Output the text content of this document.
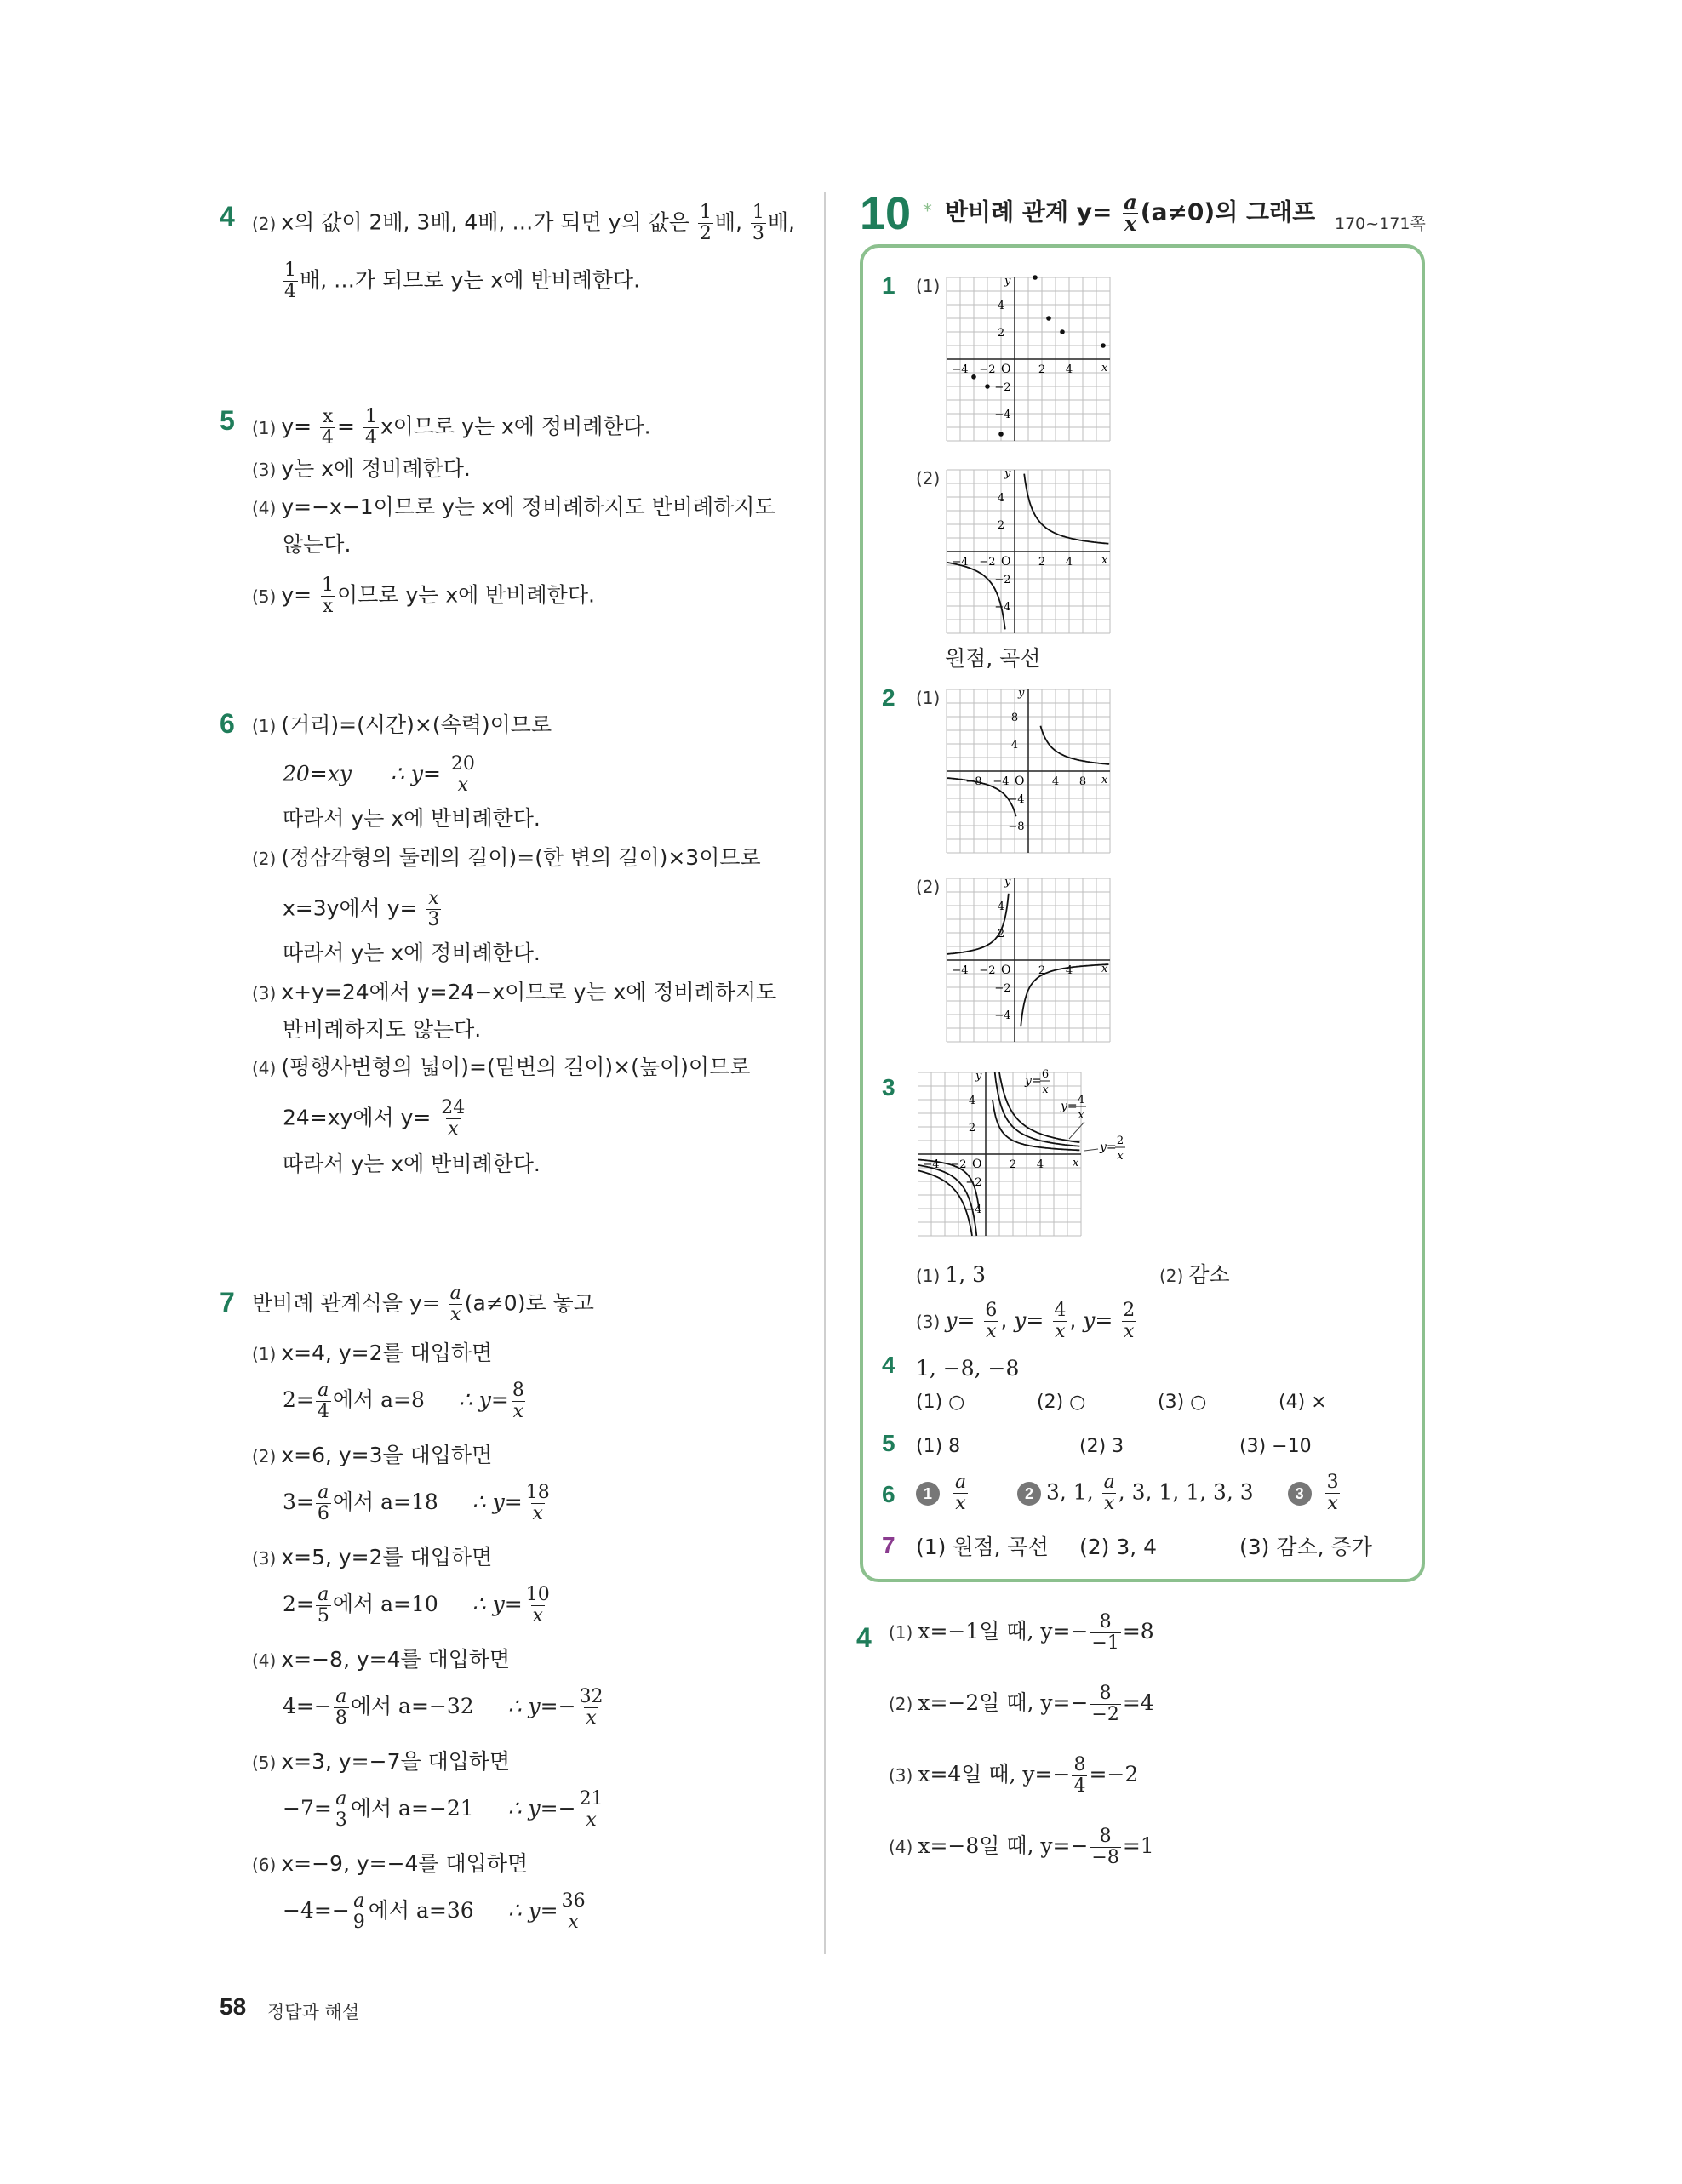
4 (2) x의 값이 2배, 3배, 4배, …가 되면 y의 값은 $\frac{1}{2}$ 배, $\frac{1}{3}$ 배,
$\frac{1}{4}$ 배, …가 되므로 y는 x에 반비례한다.
5 (1) $y= \frac{x}{4} = \frac{1}{4}$ x이므로 y는 x에 정비례한다.
(3) y는 x에 정비례한다.
(4) y=−x−1이므로 y는 x에 정비례하지도 반비례하지도
않는다.
(5) $y= \frac{1}{x}$ 이므로 y는 x에 반비례한다.
6 (1) (거리)=(시간)×(속력)이므로
20=xy ∴ $y= \frac{20}{x}$
따라서 y는 x에 반비례한다.
(2) (정삼각형의 둘레의 길이)=(한 변의 길이)×3이므로
x=3y에서 $y= \frac{x}{3}$
따라서 y는 x에 정비례한다.
(3) x+y=24에서 y=24−x이므로 y는 x에 정비례하지도
반비례하지도 않는다.
(4) (평행사변형의 넓이)=(밑변의 길이)×(높이)이므로
24=xy에서 $y= \frac{24}{x}$
따라서 y는 x에 반비례한다.
7 반비례 관계식을 $y= \frac{a}{x} (a\ne 0)$로 놓고
(1) x=4, y=2를 대입하면
$2= \frac{a}{4}$ 에서 a=8 ∴ $y= \frac{8}{x}$
(2) x=6, y=3을 대입하면
$3= \frac{a}{6}$ 에서 a=18 ∴ $y= \frac{18}{x}$
(3) x=5, y=2를 대입하면
$2= \frac{a}{5}$ 에서 a=10 ∴ $y= \frac{10}{x}$
(4) x=−8, y=4를 대입하면
$4=- \frac{a}{8}$ 에서 a=−32 ∴ $y=- \frac{32}{x}$
(5) x=3, y=−7을 대입하면
$-7= \frac{a}{3}$ 에서 a=−21 ∴ $y=- \frac{21}{x}$
(6) x=−9, y=−4를 대입하면
$-4=- \frac{a}{9}$ 에서 a=36 ∴ $y= \frac{36}{x}$
10 * 반비례 관계 $y= \frac{a}{x} (a\ne 0)$의 그래프 170~171쪽
1 (1)
x
y
O
4
2
−2
−4
−4 −2	2 4
(2)
x
y
O
4
2
−2
−4
−4 −2	2 4
원점, 곡선
2 (1)
x
y
O
8
4
−4
−8
−8 −4	4 8
(2)
x
y
O
4
2
−2
−4
−4 −2	2 4
3
x
y
O
4
2
−2
−4
−4 −2	2 4
y= 6
x
y= 4
x
y= 2
x
(1) 1, 3	(2) 감소
(3) $y= \frac{6}{x}$ , $y= \frac{4}{x}$ , $y= \frac{2}{x}$
4 1, −8, −8
(1) ○	(2) ○	(3) ○	(4) ×
5 (1) 8	(2) 3	(3) −10
6	$1 \frac{a}{x}$	2 3, 1, $\frac{a}{x}$ , 3, 1, 1, 3, 3	$3 \frac{3}{x}$
7 (1) 원점, 곡선 (2) 3, 4	(3) 감소, 증가
4 (1) x=−1일 때, $y=- \frac{8}{-1} =8$
(2) x=−2일 때, $y=- \frac{8}{-2} =4$
(3) x=4일 때, $y=- \frac{8}{4} =-2$
(4) x=−8일 때, $y=- \frac{8}{-8} =1$
58 정답과 해설
